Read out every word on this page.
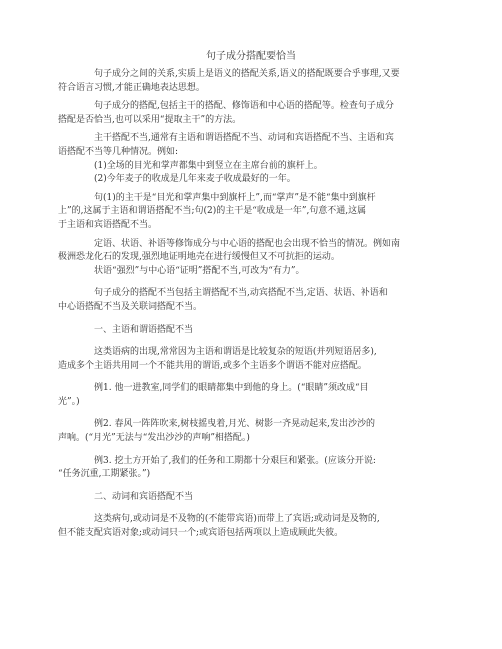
句子成分搭配要恰当

句子成分之间的关系,实质上是语义的搭配关系,语义的搭配既要合乎事理,又要
符合语言习惯,才能正确地表达思想。

句子成分的搭配,包括主干的搭配、修饰语和中心语的搭配等。检查句子成分
搭配是否恰当,也可以采用“提取主干”的方法。

主干搭配不当,通常有主语和谓语搭配不当、动词和宾语搭配不当、主语和宾
语搭配不当等几种情况。例如:

(1)全场的目光和掌声都集中到竖立在主席台前的旗杆上。

(2)今年麦子的收成是几年来麦子收成最好的一年。

句(1)的主干是“目光和掌声集中到旗杆上”,而“掌声”是不能“集中到旗杆
上”的,这属于主语和谓语搭配不当;句(2)的主干是“收成是一年”,句意不通,这属
于主语和宾语搭配不当。

定语、状语、补语等修饰成分与中心语的搭配也会出现不恰当的情况。例如南
极洲恐龙化石的发现,强烈地证明地壳在进行缓慢但又不可抗拒的运动。

状语“强烈”与中心语“证明”搭配不当,可改为“有力”。

句子成分的搭配不当包括主谓搭配不当,动宾搭配不当,定语、状语、补语和
中心语搭配不当及关联词搭配不当。

一、主语和谓语搭配不当

这类语病的出现,常常因为主语和谓语是比较复杂的短语(并列短语居多),
造成多个主语共用同一个不能共用的谓语,或多个主语多个谓语不能对应搭配。

例1. 他一进教室,同学们的眼睛都集中到他的身上。(“眼睛”须改成“目
光”。)

例2. 春风一阵阵吹来,树枝摇曳着,月光、树影一齐晃动起来,发出沙沙的
声响。(“月光”无法与“发出沙沙的声响”相搭配。)

例3. 挖土方开始了,我们的任务和工期都十分艰巨和紧张。(应该分开说:
“任务沉重,工期紧张。”)

二、动词和宾语搭配不当

这类病句,或动词是不及物的(不能带宾语)而带上了宾语;或动词是及物的,
但不能支配宾语对象;或动词只一个;或宾语包括两项以上造成顾此失彼。
